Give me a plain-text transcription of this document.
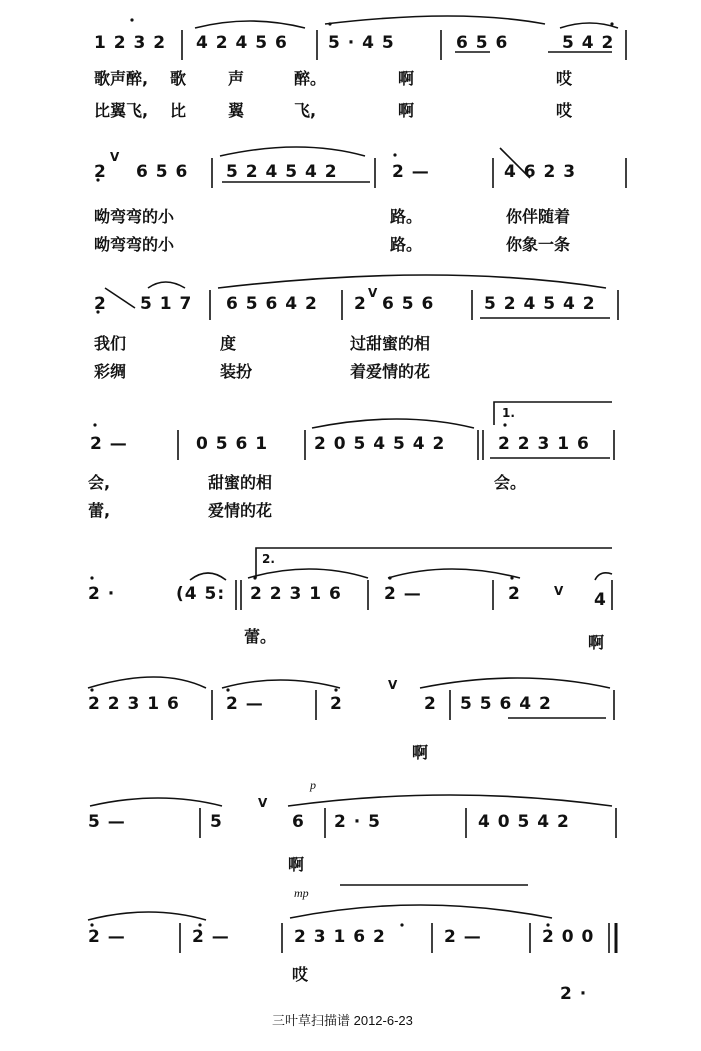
1 2 3 2 4 2 4 5 6 5 · 4 5	6 5 6	5 4 2
歌声醉, 歌	声	醉。	啊	哎
比翼飞, 比	翼	飞,	啊	哎
V
2 6 5 6 5 2 4 5 4 2	2 —	4 6 2 3
呦弯弯的小	路。	你伴随着
呦弯弯的小	路。	你象一条
2 5 1 7 6 5 6 4 2 2
V
6 5 6	5 2 4 5 4 2
我们	度	过甜蜜的相
彩绸	装扮	着爱情的花
1.
2 —	0 5 6 1	2 0 5 4 5 4 2	2 2 3 1 6
会,	甜蜜的相	会。
蕾,	爱情的花
2.
2 ·	(4 5: 2 2 3 1 6 2 —	2	V 4
蕾。	啊
2 2 3 1 6	2 —	2
V
2 5 5 6 4 2
啊
p
5 —	5
V
6 2 · 5	4 0 5 4 2
啊
mp
2 —	2 —	2 3 1 6 2	2 —	2 0 0
哎
2 ·
三叶草扫描谱 2012-6-23
